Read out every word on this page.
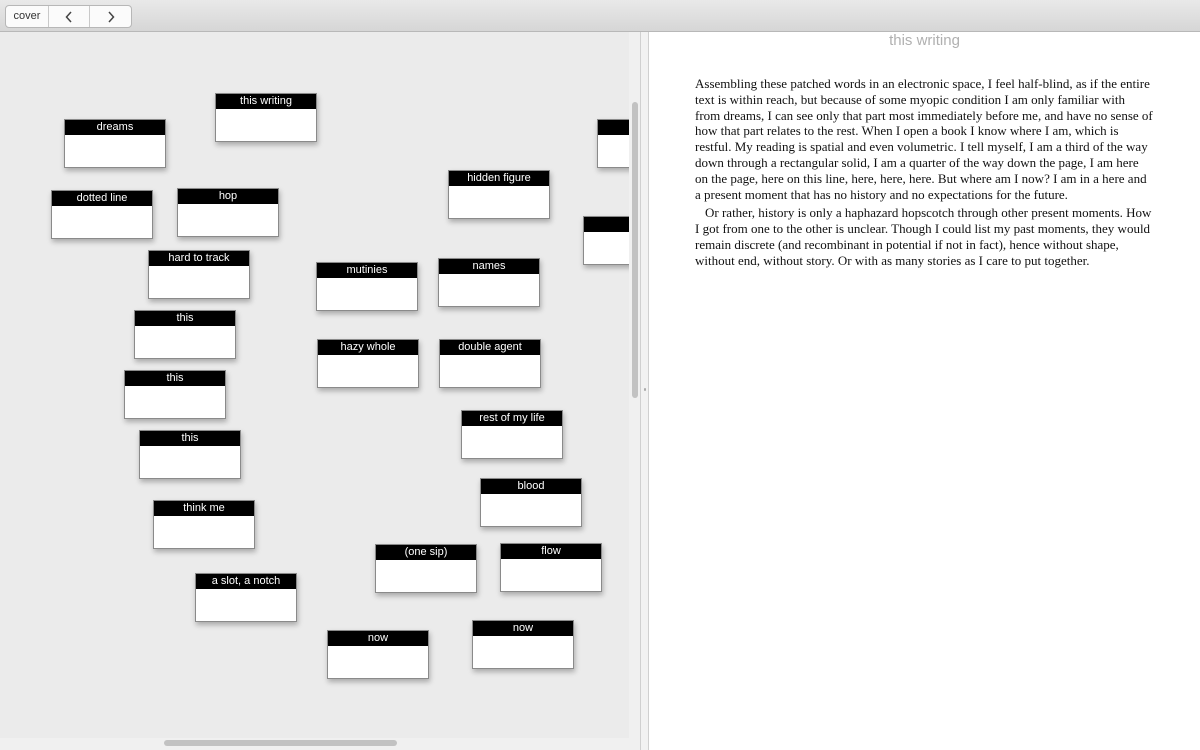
cover
this writing
dreams
dotted line	hop
hidden figure
hard to track
mutinies	names
this
hazy whole	double agent
this
rest of my life
this
blood
think me
(one sip)	flow
a slot, a notch
now
now
this writing

Assembling these patched words in an electronic space, I feel half-blind, as if the entire text is within reach, but because of some myopic condition I am only familiar with from dreams, I can see only that part most immediately before me, and have no sense of how that part relates to the rest. When I open a book I know where I am, which is restful. My reading is spatial and even volumetric. I tell myself, I am a third of the way down through a rectangular solid, I am a quarter of the way down the page, I am here on the page, here on this line, here, here, here. But where am I now? I am in a here and a present moment that has no history and no expectations for the future.

Or rather, history is only a haphazard hopscotch through other present moments. How I got from one to the other is unclear. Though I could list my past moments, they would remain discrete (and recombinant in potential if not in fact), hence without shape, without end, without story. Or with as many stories as I care to put together.
